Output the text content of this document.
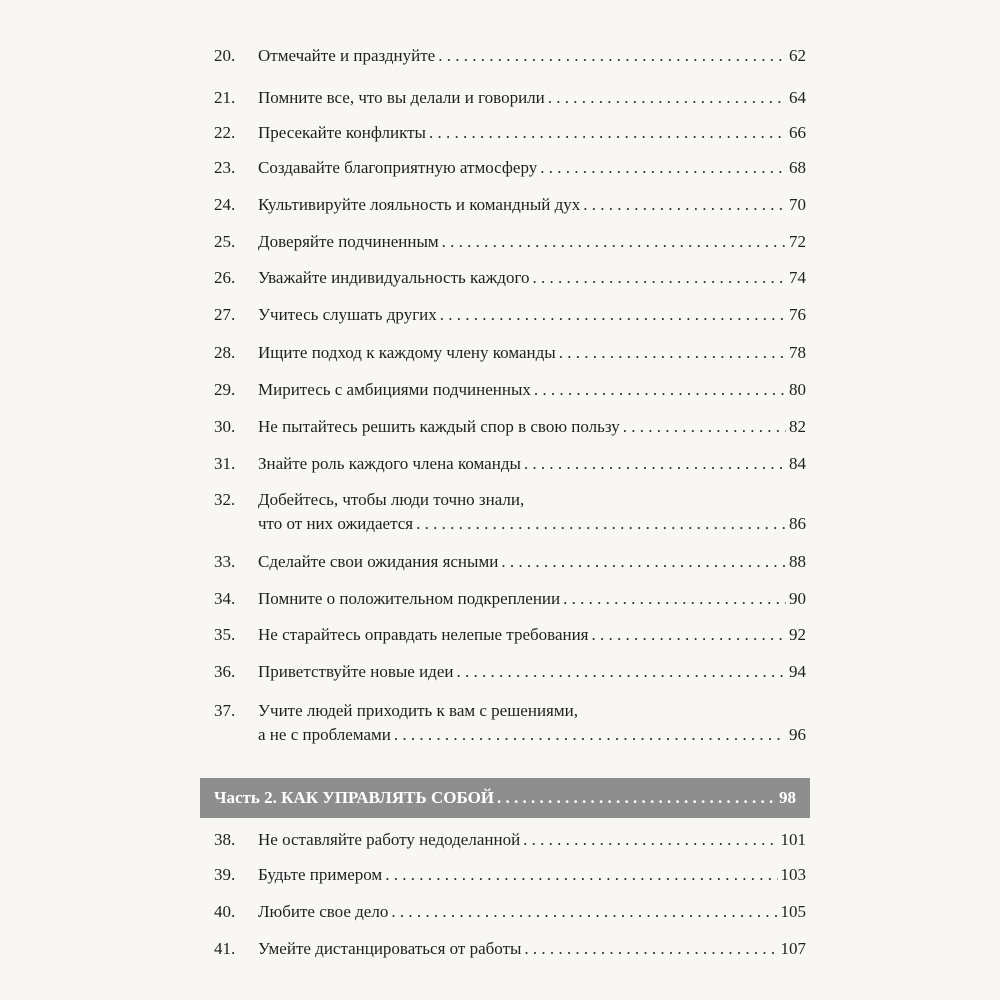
20.	Отмечайте и празднуйте . . .	62
21.	Помните все, что вы делали и говорили . . .	64
22.	Пресекайте конфликты . . .	66
23.	Создавайте благоприятную атмосферу . . .	68
24.	Культивируйте лояльность и командный дух . . .	70
25.	Доверяйте подчиненным . . .	72
26.	Уважайте индивидуальность каждого . . .	74
27.	Учитесь слушать других . . .	76
28.	Ищите подход к каждому члену команды . . .	78
29.	Миритесь с амбициями подчиненных . . .	80
30.	Не пытайтесь решить каждый спор в свою пользу . . .	82
31.	Знайте роль каждого члена команды . . .	84
32.	Добейтесь, чтобы люди точно знали,
что от них ожидается . . .	86
33.	Сделайте свои ожидания ясными . . .	88
34.	Помните о положительном подкреплении . . .	90
35.	Не старайтесь оправдать нелепые требования . . .	92
36.	Приветствуйте новые идеи . . .	94
37.	Учите людей приходить к вам с решениями,
а не с проблемами . . .	96
Часть 2. КАК УПРАВЛЯТЬ СОБОЙ . . .	98
38.	Не оставляйте работу недоделанной . . .	101
39.	Будьте примером . . .	103
40.	Любите свое дело . . .	105
41.	Умейте дистанцироваться от работы . . .	107
